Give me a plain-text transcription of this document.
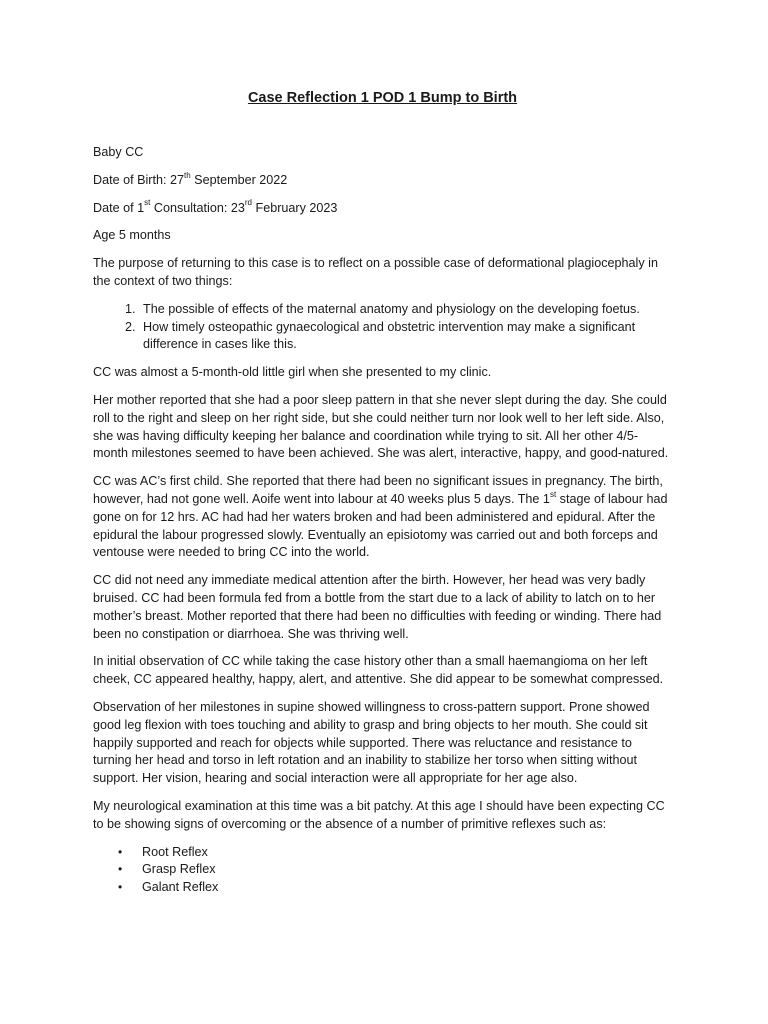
Case Reflection 1 POD 1 Bump to Birth
Baby CC
Date of Birth: 27th September 2022
Date of 1st Consultation: 23rd February 2023
Age 5 months
The purpose of returning to this case is to reflect on a possible case of deformational plagiocephaly in the context of two things:
1. The possible of effects of the maternal anatomy and physiology on the developing foetus.
2. How timely osteopathic gynaecological and obstetric intervention may make a significant difference in cases like this.
CC was almost a 5-month-old little girl when she presented to my clinic.
Her mother reported that she had a poor sleep pattern in that she never slept during the day. She could roll to the right and sleep on her right side, but she could neither turn nor look well to her left side. Also, she was having difficulty keeping her balance and coordination while trying to sit. All her other 4/5-month milestones seemed to have been achieved. She was alert, interactive, happy, and good-natured.
CC was AC’s first child. She reported that there had been no significant issues in pregnancy. The birth, however, had not gone well. Aoife went into labour at 40 weeks plus 5 days. The 1st stage of labour had gone on for 12 hrs. AC had had her waters broken and had been administered and epidural. After the epidural the labour progressed slowly. Eventually an episiotomy was carried out and both forceps and ventouse were needed to bring CC into the world.
CC did not need any immediate medical attention after the birth. However, her head was very badly bruised. CC had been formula fed from a bottle from the start due to a lack of ability to latch on to her mother’s breast. Mother reported that there had been no difficulties with feeding or winding. There had been no constipation or diarrhoea. She was thriving well.
In initial observation of CC while taking the case history other than a small haemangioma on her left cheek, CC appeared healthy, happy, alert, and attentive. She did appear to be somewhat compressed.
Observation of her milestones in supine showed willingness to cross-pattern support. Prone showed good leg flexion with toes touching and ability to grasp and bring objects to her mouth. She could sit happily supported and reach for objects while supported. There was reluctance and resistance to turning her head and torso in left rotation and an inability to stabilize her torso when sitting without support. Her vision, hearing and social interaction were all appropriate for her age also.
My neurological examination at this time was a bit patchy. At this age I should have been expecting CC to be showing signs of overcoming or the absence of a number of primitive reflexes such as:
• Root Reflex
• Grasp Reflex
• Galant Reflex
